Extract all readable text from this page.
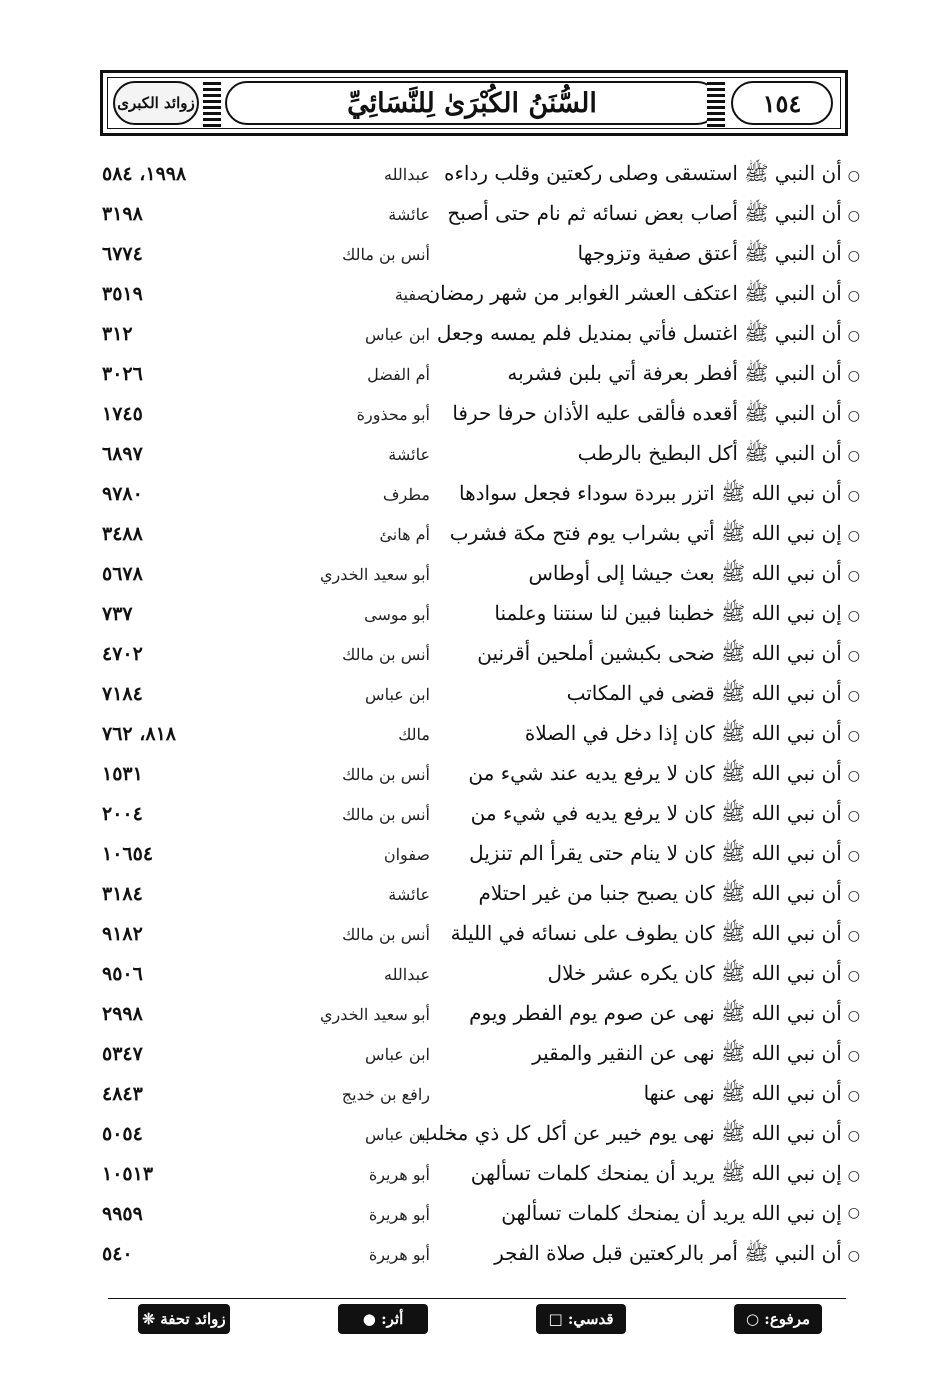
زوائد الكبرى	السُّنَنُ الكُبْرَىٰ لِلنَّسَائِيِّ	١٥٤
○
أن النبي ﷺ استسقى وصلى ركعتين وقلب رداءه
عبدالله
١٩٩٨، ٥٨٤
○
أن النبي ﷺ أصاب بعض نسائه ثم نام حتى أصبح
عائشة
٣١٩٨
○
أن النبي ﷺ أعتق صفية وتزوجها
أنس بن مالك
٦٧٧٤
○
أن النبي ﷺ اعتكف العشر الغوابر من شهر رمضان
صفية
٣٥١٩
○
أن النبي ﷺ اغتسل فأتي بمنديل فلم يمسه وجعل
ابن عباس
٣١٢
○
أن النبي ﷺ أفطر بعرفة أتي بلبن فشربه
أم الفضل
٣٠٢٦
○
أن النبي ﷺ أقعده فألقى عليه الأذان حرفا حرفا
أبو محذورة
١٧٤٥
○
أن النبي ﷺ أكل البطيخ بالرطب
عائشة
٦٨٩٧
○
أن نبي الله ﷺ اتزر ببردة سوداء فجعل سوادها
مطرف
٩٧٨٠
○
إن نبي الله ﷺ أتي بشراب يوم فتح مكة فشرب
أم هانئ
٣٤٨٨
○
أن نبي الله ﷺ بعث جيشا إلى أوطاس
أبو سعيد الخدري
٥٦٧٨
○
إن نبي الله ﷺ خطبنا فبين لنا سنتنا وعلمنا
أبو موسى
٧٣٧
○
أن نبي الله ﷺ ضحى بكبشين أملحين أقرنين
أنس بن مالك
٤٧٠٢
○
أن نبي الله ﷺ قضى في المكاتب
ابن عباس
٧١٨٤
○
أن نبي الله ﷺ كان إذا دخل في الصلاة
مالك
٨١٨، ٧٦٢
○
أن نبي الله ﷺ كان لا يرفع يديه عند شيء من
أنس بن مالك
١٥٣١
○
أن نبي الله ﷺ كان لا يرفع يديه في شيء من
أنس بن مالك
٢٠٠٤
○
أن نبي الله ﷺ كان لا ينام حتى يقرأ الم تنزيل
صفوان
١٠٦٥٤
○
أن نبي الله ﷺ كان يصبح جنبا من غير احتلام
عائشة
٣١٨٤
○
أن نبي الله ﷺ كان يطوف على نسائه في الليلة
أنس بن مالك
٩١٨٢
○
أن نبي الله ﷺ كان يكره عشر خلال
عبدالله
٩٥٠٦
○
أن نبي الله ﷺ نهى عن صوم يوم الفطر ويوم
أبو سعيد الخدري
٢٩٩٨
○
أن نبي الله ﷺ نهى عن النقير والمقير
ابن عباس
٥٣٤٧
○
أن نبي الله ﷺ نهى عنها
رافع بن خديج
٤٨٤٣
○
أن نبي الله ﷺ نهى يوم خيبر عن أكل كل ذي مخلب
ابن عباس
٥٠٥٤
○
إن نبي الله ﷺ يريد أن يمنحك كلمات تسألهن
أبو هريرة
١٠٥١٣
○
إن نبي الله يريد أن يمنحك كلمات تسألهن
أبو هريرة
٩٩٥٩
○
أن النبي ﷺ أمر بالركعتين قبل صلاة الفجر
أبو هريرة
٥٤٠
مرفوع: ○
قدسي: □
أثر: ●
زوائد تحفة ❊
